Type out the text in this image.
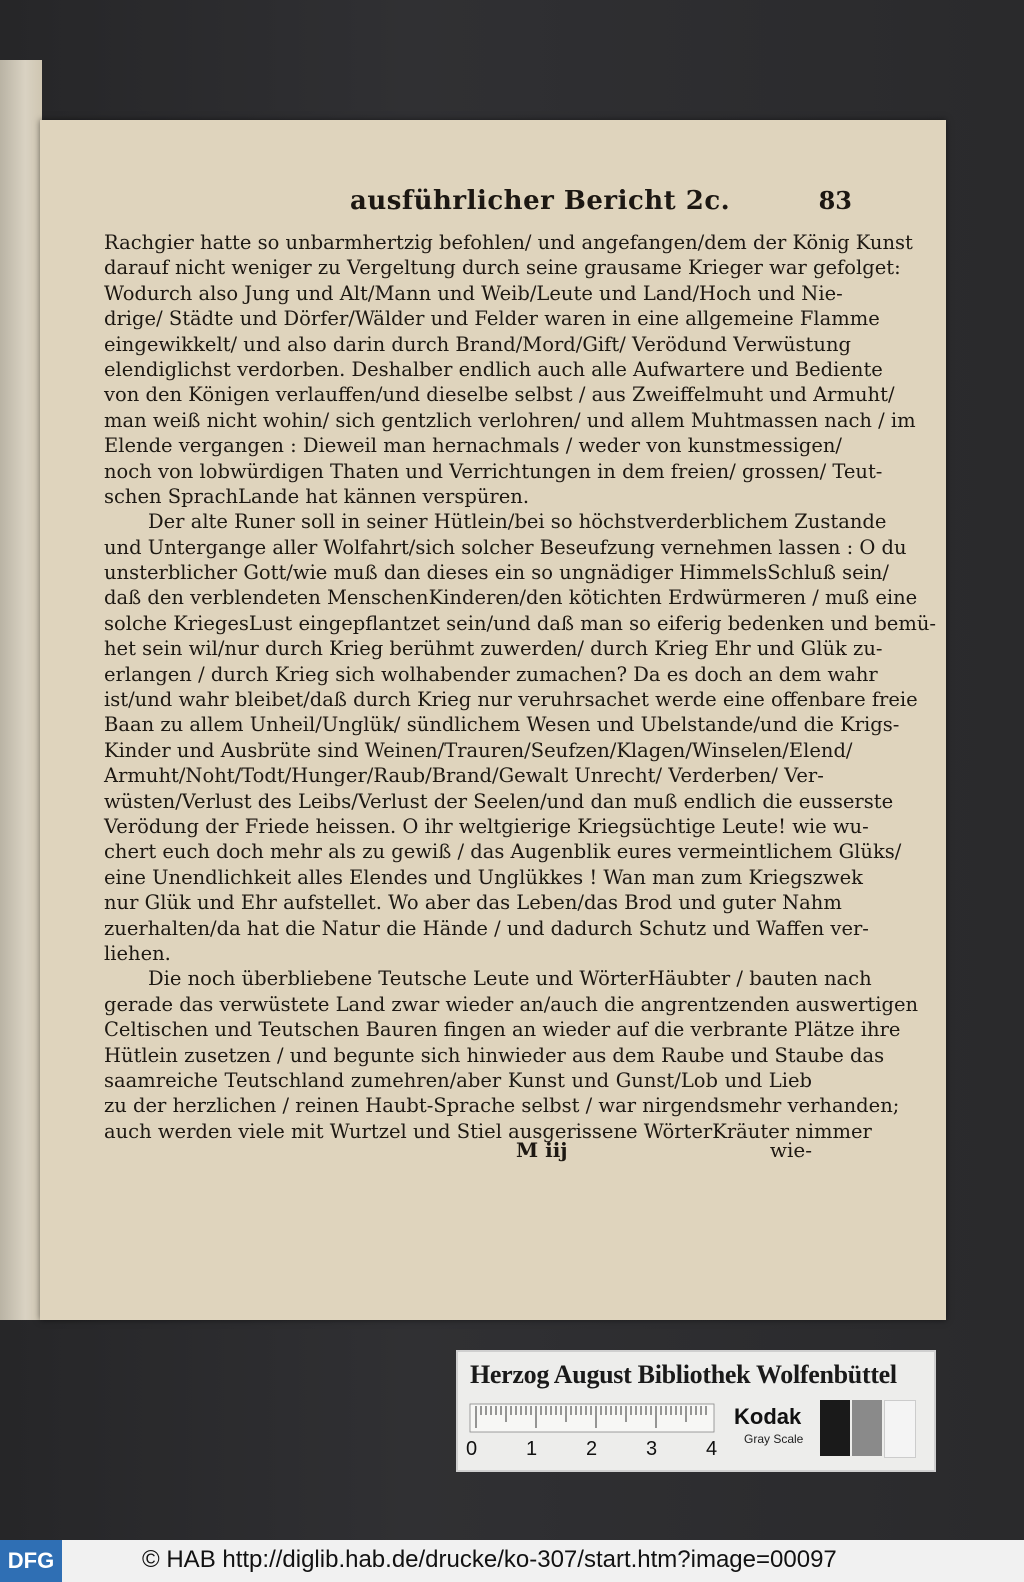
ausführlicher Bericht 2c.	83
Rachgier hatte so unbarmhertzig befohlen/ und angefangen/dem der König Kunst
darauf nicht weniger zu Vergeltung durch seine grausame Krieger war gefolget:
Wodurch also Jung und Alt/Mann und Weib/Leute und Land/Hoch und Nie-
drige/ Städte und Dörfer/Wälder und Felder waren in eine allgemeine Flamme
eingewikkelt/ und also darin durch Brand/Mord/Gift/ Verödund Verwüstung
elendiglichst verdorben. Deshalber endlich auch alle Aufwartere und Bediente
von den Königen verlauffen/und dieselbe selbst / aus Zweiffelmuht und Armuht/
man weiß nicht wohin/ sich gentzlich verlohren/ und allem Muhtmassen nach / im
Elende vergangen : Dieweil man hernachmals / weder von kunstmessigen/
noch von lobwürdigen Thaten und Verrichtungen in dem freien/ grossen/ Teut-
schen SprachLande hat kännen verspüren.
Der alte Runer soll in seiner Hütlein/bei so höchstverderblichem Zustande
und Untergange aller Wolfahrt/sich solcher Beseufzung vernehmen lassen : O du
unsterblicher Gott/wie muß dan dieses ein so ungnädiger HimmelsSchluß sein/
daß den verblendeten MenschenKinderen/den kötichten Erdwürmeren / muß eine
solche KriegesLust eingepflantzet sein/und daß man so eiferig bedenken und bemü-
het sein wil/nur durch Krieg berühmt zuwerden/ durch Krieg Ehr und Glük zu-
erlangen / durch Krieg sich wolhabender zumachen? Da es doch an dem wahr
ist/und wahr bleibet/daß durch Krieg nur veruhrsachet werde eine offenbare freie
Baan zu allem Unheil/Unglük/ sündlichem Wesen und Ubelstande/und die Krigs-
Kinder und Ausbrüte sind Weinen/Trauren/Seufzen/Klagen/Winselen/Elend/
Armuht/Noht/Todt/Hunger/Raub/Brand/Gewalt Unrecht/ Verderben/ Ver-
wüsten/Verlust des Leibs/Verlust der Seelen/und dan muß endlich die eusserste
Verödung der Friede heissen. O ihr weltgierige Kriegsüchtige Leute! wie wu-
chert euch doch mehr als zu gewiß / das Augenblik eures vermeintlichem Glüks/
eine Unendlichkeit alles Elendes und Unglükkes ! Wan man zum Kriegszwek
nur Glük und Ehr aufstellet. Wo aber das Leben/das Brod und guter Nahm
zuerhalten/da hat die Natur die Hände / und dadurch Schutz und Waffen ver-
liehen.
Die noch überbliebene Teutsche Leute und WörterHäubter / bauten nach
gerade das verwüstete Land zwar wieder an/auch die angrentzenden auswertigen
Celtischen und Teutschen Bauren fingen an wieder auf die verbrante Plätze ihre
Hütlein zusetzen / und begunte sich hinwieder aus dem Raube und Staube das
saamreiche Teutschland zumehren/aber Kunst und Gunst/Lob und Lieb
zu der herzlichen / reinen Haubt-Sprache selbst / war nirgendsmehr verhanden;
auch werden viele mit Wurtzel und Stiel ausgerissene WörterKräuter nimmer
M iij	wie-
Herzog August Bibliothek Wolfenbüttel
0 1 2 3 4
Kodak
Gray Scale
DFG	© HAB http://diglib.hab.de/drucke/ko-307/start.htm?image=00097
